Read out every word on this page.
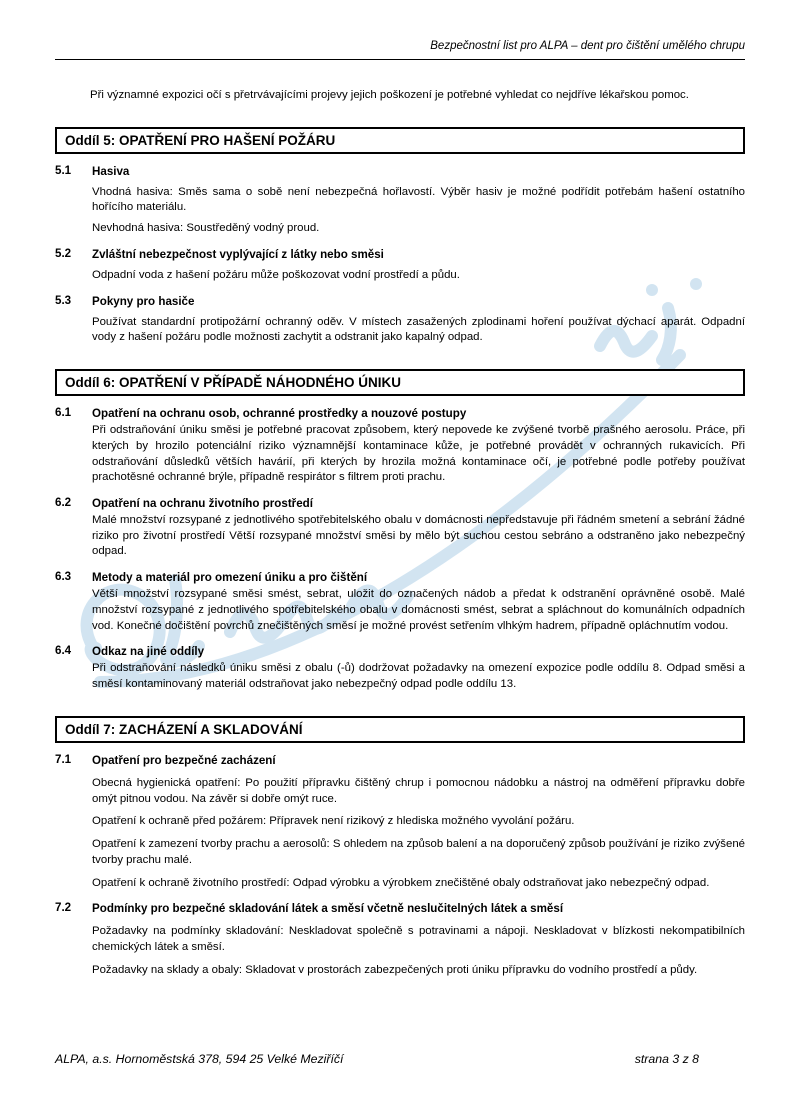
Bezpečnostní list pro ALPA – dent pro čištění umělého chrupu

Při významné expozici očí s přetrvávajícími projevy jejich poškození je potřebné vyhledat co nejdříve lékařskou pomoc.

Oddíl 5: OPATŘENÍ PRO HAŠENÍ POŽÁRU
5.1	Hasiva

Vhodná hasiva: Směs sama o sobě není nebezpečná hořlavostí. Výběr hasiv je možné podřídit potřebám hašení ostatního hořícího materiálu.

Nevhodná hasiva: Soustředěný vodný proud.

5.2	Zvláštní nebezpečnost vyplývající z látky nebo směsi

Odpadní voda z hašení požáru může poškozovat vodní prostředí a půdu.

5.3	Pokyny pro hasiče

Používat standardní protipožární ochranný oděv. V místech zasažených zplodinami hoření používat dýchací aparát. Odpadní vody z hašení požáru podle možnosti zachytit a odstranit jako kapalný odpad.

Oddíl 6: OPATŘENÍ V PŘÍPADĚ NÁHODNÉHO ÚNIKU
6.1	Opatření na ochranu osob, ochranné prostředky a nouzové postupy

Při odstraňování úniku směsi je potřebné pracovat způsobem, který nepovede ke zvýšené tvorbě prašného aerosolu. Práce, při kterých by hrozilo potenciální riziko významnější kontaminace kůže, je potřebné provádět v ochranných rukavicích. Při odstraňování důsledků větších havárií, při kterých by hrozila možná kontaminace očí, je potřebné podle potřeby používat prachotěsné ochranné brýle, případně respirátor s filtrem proti prachu.

6.2	Opatření na ochranu životního prostředí

Malé množství rozsypané z jednotlivého spotřebitelského obalu v domácnosti nepředstavuje při řádném smetení a sebrání žádné riziko pro životní prostředí Větší rozsypané množství směsi by mělo být suchou cestou sebráno a odstraněno jako nebezpečný odpad.

6.3	Metody a materiál pro omezení úniku a pro čištění

Větší množství rozsypané směsi smést, sebrat, uložit do označených nádob a předat k odstranění oprávněné osobě. Malé množství rozsypané z jednotlivého spotřebitelského obalu v domácnosti smést, sebrat a spláchnout do komunálních odpadních vod. Konečné dočištění povrchů znečištěných směsí je možné provést setřením vlhkým hadrem, případně opláchnutím vodou.

6.4	Odkaz na jiné oddíly

Při odstraňování následků úniku směsi z obalu (-ů) dodržovat požadavky na omezení expozice podle oddílu 8. Odpad směsi a směsí kontaminovaný materiál odstraňovat jako nebezpečný odpad podle oddílu 13.

Oddíl 7: ZACHÁZENÍ A SKLADOVÁNÍ
7.1	Opatření pro bezpečné zacházení

Obecná hygienická opatření: Po použití přípravku čištěný chrup i pomocnou nádobku a nástroj na odměření přípravku dobře omýt pitnou vodou. Na závěr si dobře omýt ruce.

Opatření k ochraně před požárem: Přípravek není rizikový z hlediska možného vyvolání požáru.

Opatření k zamezení tvorby prachu a aerosolů: S ohledem na způsob balení a na doporučený způsob používání je riziko zvýšené tvorby prachu malé.

Opatření k ochraně životního prostředí: Odpad výrobku a výrobkem znečištěné obaly odstraňovat jako nebezpečný odpad.

7.2	Podmínky pro bezpečné skladování látek a směsí včetně neslučitelných látek a směsí

Požadavky na podmínky skladování: Neskladovat společně s potravinami a nápoji. Neskladovat v blízkosti nekompatibilních chemických látek a směsí.

Požadavky na sklady a obaly: Skladovat v prostorách zabezpečených proti úniku přípravku do vodního prostředí a půdy.

ALPA, a.s. Hornoměstská 378, 594 25 Velké Meziříčí	strana 3 z 8
